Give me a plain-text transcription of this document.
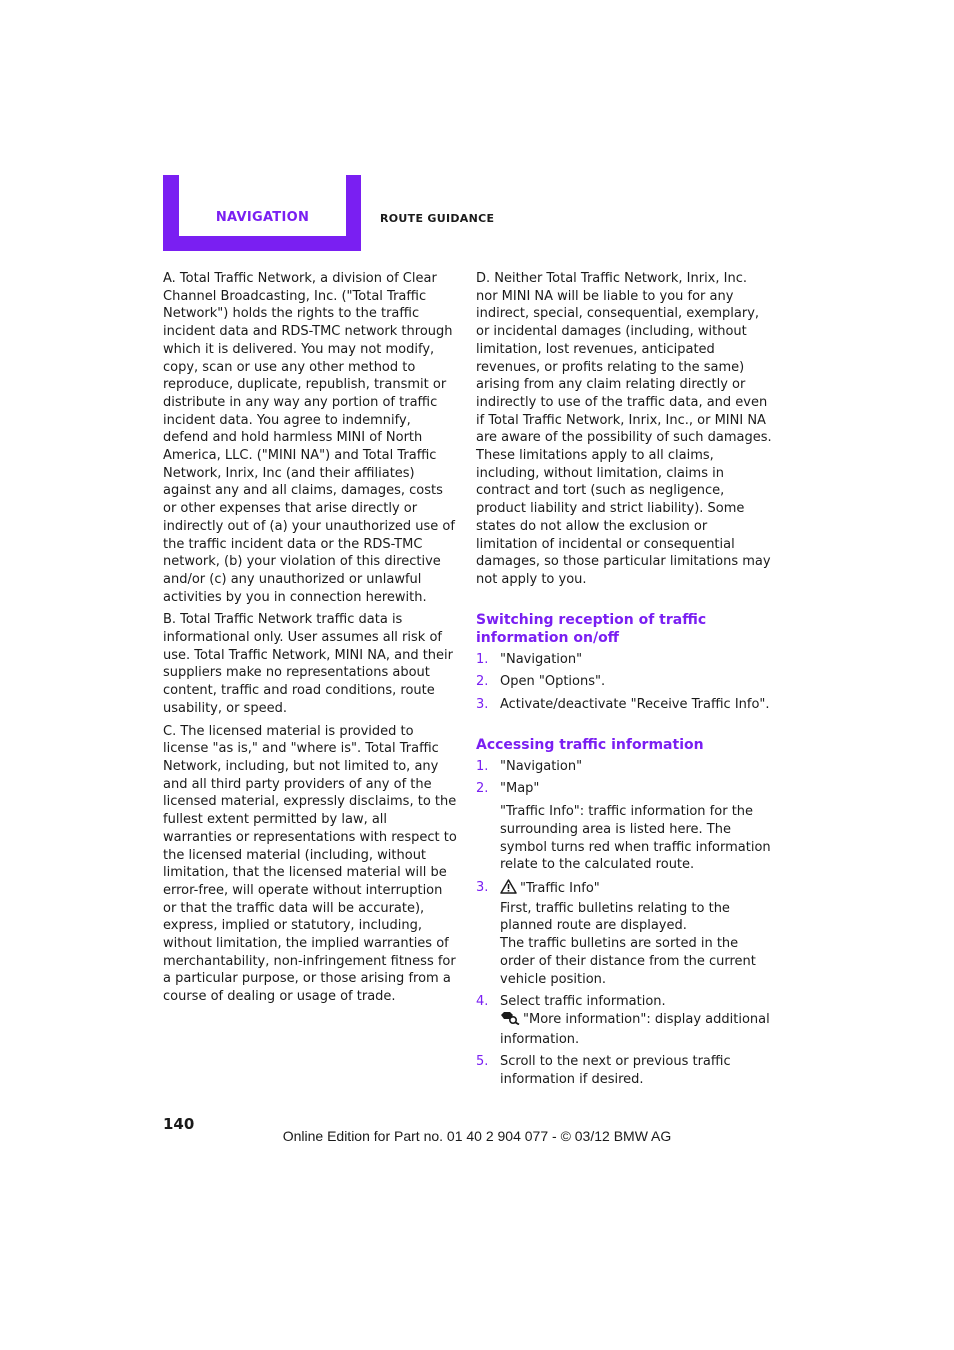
NAVIGATION	ROUTE GUIDANCE

A. Total Traffic Network, a division of Clear Channel Broadcasting, Inc. ("Total Traffic Network") holds the rights to the traffic incident data and RDS-TMC network through which it is delivered. You may not modify, copy, scan or use any other method to reproduce, duplicate, republish, transmit or distribute in any way any portion of traffic incident data. You agree to indemnify, defend and hold harmless MINI of North America, LLC. ("MINI NA") and Total Traffic Network, Inrix, Inc (and their affiliates) against any and all claims, damages, costs or other expenses that arise directly or indirectly out of (a) your unauthorized use of the traffic incident data or the RDS-TMC network, (b) your violation of this directive and/or (c) any unauthorized or unlawful activities by you in connection herewith.

B. Total Traffic Network traffic data is informational only. User assumes all risk of use. Total Traffic Network, MINI NA, and their suppliers make no representations about content, traffic and road conditions, route usability, or speed.

C. The licensed material is provided to license "as is," and "where is". Total Traffic Network, including, but not limited to, any and all third party providers of any of the licensed material, expressly disclaims, to the fullest extent permitted by law, all warranties or representations with respect to the licensed material (including, without limitation, that the licensed material will be error-free, will operate without interruption or that the traffic data will be accurate), express, implied or statutory, including, without limitation, the implied warranties of merchantability, non-infringement fitness for a particular purpose, or those arising from a course of dealing or usage of trade.

D. Neither Total Traffic Network, Inrix, Inc. nor MINI NA will be liable to you for any indirect, special, consequential, exemplary, or incidental damages (including, without limitation, lost revenues, anticipated revenues, or profits relating to the same) arising from any claim relating directly or indirectly to use of the traffic data, and even if Total Traffic Network, Inrix, Inc., or MINI NA are aware of the possibility of such damages. These limitations apply to all claims, including, without limitation, claims in contract and tort (such as negligence, product liability and strict liability). Some states do not allow the exclusion or limitation of incidental or consequential damages, so those particular limitations may not apply to you.

Switching reception of traffic information on/off
1. "Navigation"
2. Open "Options".
3. Activate/deactivate "Receive Traffic Info".
Accessing traffic information
1. "Navigation"
2. "Map"
"Traffic Info": traffic information for the surrounding area is listed here. The symbol turns red when traffic information relate to the calculated route.
3. "Traffic Info"
First, traffic bulletins relating to the planned route are displayed.
The traffic bulletins are sorted in the order of their distance from the current vehicle position.
4. Select traffic information.
"More information": display additional information.
5. Scroll to the next or previous traffic information if desired.
140
Online Edition for Part no. 01 40 2 904 077 - © 03/12 BMW AG
